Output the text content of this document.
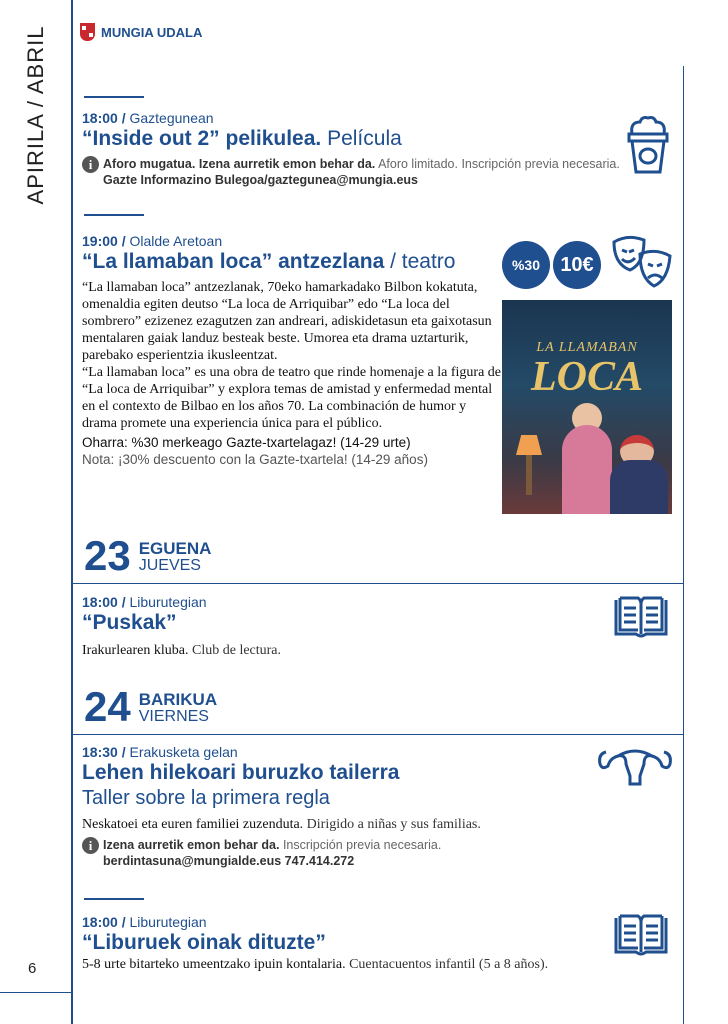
APIRILA / ABRIL
6
MUNGIA UDALA
18:00 / Gaztegunean
“Inside out 2” pelikulea. Película
i Aforo mugatua. Izena aurretik emon behar da. Aforo limitado. Inscripción previa necesaria. Gazte Informazino Bulegoa/gaztegunea@mungia.eus
19:00 / Olalde Aretoan
“La llamaban loca” antzezlana / teatro
“La llamaban loca” antzezlanak, 70eko hamarkadako Bilbon kokatuta, omenaldia egiten deutso “La loca de Arriquibar” edo “La loca del sombrero” ezizenez ezagutzen zan andreari, adiskidetasun eta gaixotasun mentalaren gaiak landuz besteak beste. Umorea eta drama uztarturik, parebako esperientzia ikusleentzat.
“La llamaban loca” es una obra de teatro que rinde homenaje a la figura de “La loca de Arriquibar” y explora temas de amistad y enfermedad mental en el contexto de Bilbao en los años 70. La combinación de humor y drama promete una experiencia única para el público.
Oharra: %30 merkeago Gazte-txartelagaz! (14-29 urte)
Nota: ¡30% descuento con la Gazte-txartela! (14-29 años)
%30	10€
LA LLAMABAN
LOCA
23 EGUENA
JUEVES
18:00 / Liburutegian
“Puskak”
Irakurlearen kluba. Club de lectura.
24 BARIKUA
VIERNES
18:30 / Erakusketa gelan
Lehen hilekoari buruzko tailerra
Taller sobre la primera regla
Neskatoei eta euren familiei zuzenduta. Dirigido a niñas y sus familias.
i Izena aurretik emon behar da. Inscripción previa necesaria.
berdintasuna@mungialde.eus 747.414.272
18:00 / Liburutegian
“Liburuek oinak dituzte”
5-8 urte bitarteko umeentzako ipuin kontalaria. Cuentacuentos infantil (5 a 8 años).
